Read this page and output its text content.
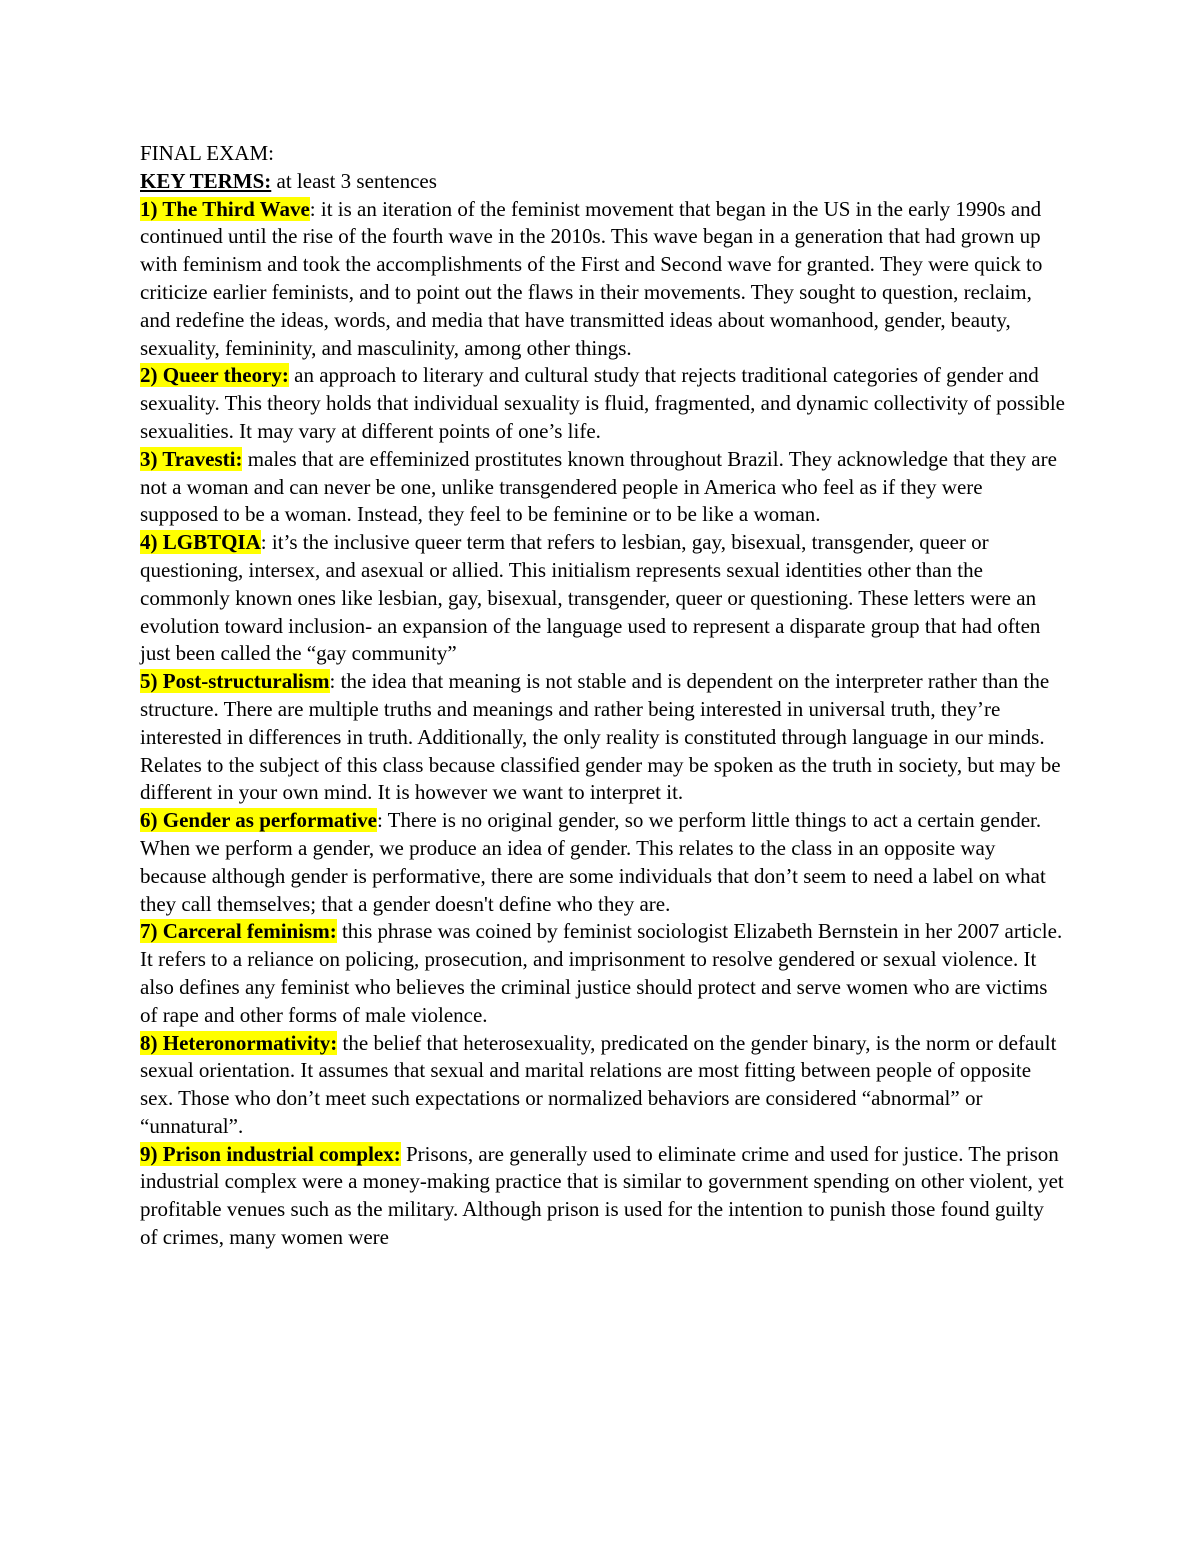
FINAL EXAM:

KEY TERMS: at least 3 sentences

1) The Third Wave: it is an iteration of the feminist movement that began in the US in the early 1990s and continued until the rise of the fourth wave in the 2010s. This wave began in a generation that had grown up with feminism and took the accomplishments of the First and Second wave for granted. They were quick to criticize earlier feminists, and to point out the flaws in their movements. They sought to question, reclaim, and redefine the ideas, words, and media that have transmitted ideas about womanhood, gender, beauty, sexuality, femininity, and masculinity, among other things.

2) Queer theory: an approach to literary and cultural study that rejects traditional categories of gender and sexuality. This theory holds that individual sexuality is fluid, fragmented, and dynamic collectivity of possible sexualities. It may vary at different points of one’s life.

3) Travesti: males that are effeminized prostitutes known throughout Brazil. They acknowledge that they are not a woman and can never be one, unlike transgendered people in America who feel as if they were supposed to be a woman. Instead, they feel to be feminine or to be like a woman.

4) LGBTQIA: it’s the inclusive queer term that refers to lesbian, gay, bisexual, transgender, queer or questioning, intersex, and asexual or allied. This initialism represents sexual identities other than the commonly known ones like lesbian, gay, bisexual, transgender, queer or questioning. These letters were an evolution toward inclusion- an expansion of the language used to represent a disparate group that had often just been called the “gay community”

5) Post-structuralism: the idea that meaning is not stable and is dependent on the interpreter rather than the structure. There are multiple truths and meanings and rather being interested in universal truth, they’re interested in differences in truth. Additionally, the only reality is constituted through language in our minds. Relates to the subject of this class because classified gender may be spoken as the truth in society, but may be different in your own mind. It is however we want to interpret it.

6) Gender as performative: There is no original gender, so we perform little things to act a certain gender. When we perform a gender, we produce an idea of gender. This relates to the class in an opposite way because although gender is performative, there are some individuals that don’t seem to need a label on what they call themselves; that a gender doesn't define who they are.

7) Carceral feminism: this phrase was coined by feminist sociologist Elizabeth Bernstein in her 2007 article. It refers to a reliance on policing, prosecution, and imprisonment to resolve gendered or sexual violence. It also defines any feminist who believes the criminal justice should protect and serve women who are victims of rape and other forms of male violence.

8) Heteronormativity: the belief that heterosexuality, predicated on the gender binary, is the norm or default sexual orientation. It assumes that sexual and marital relations are most fitting between people of opposite sex. Those who don’t meet such expectations or normalized behaviors are considered “abnormal” or “unnatural”.

9) Prison industrial complex: Prisons, are generally used to eliminate crime and used for justice. The prison industrial complex were a money-making practice that is similar to government spending on other violent, yet profitable venues such as the military. Although prison is used for the intention to punish those found guilty of crimes, many women were
